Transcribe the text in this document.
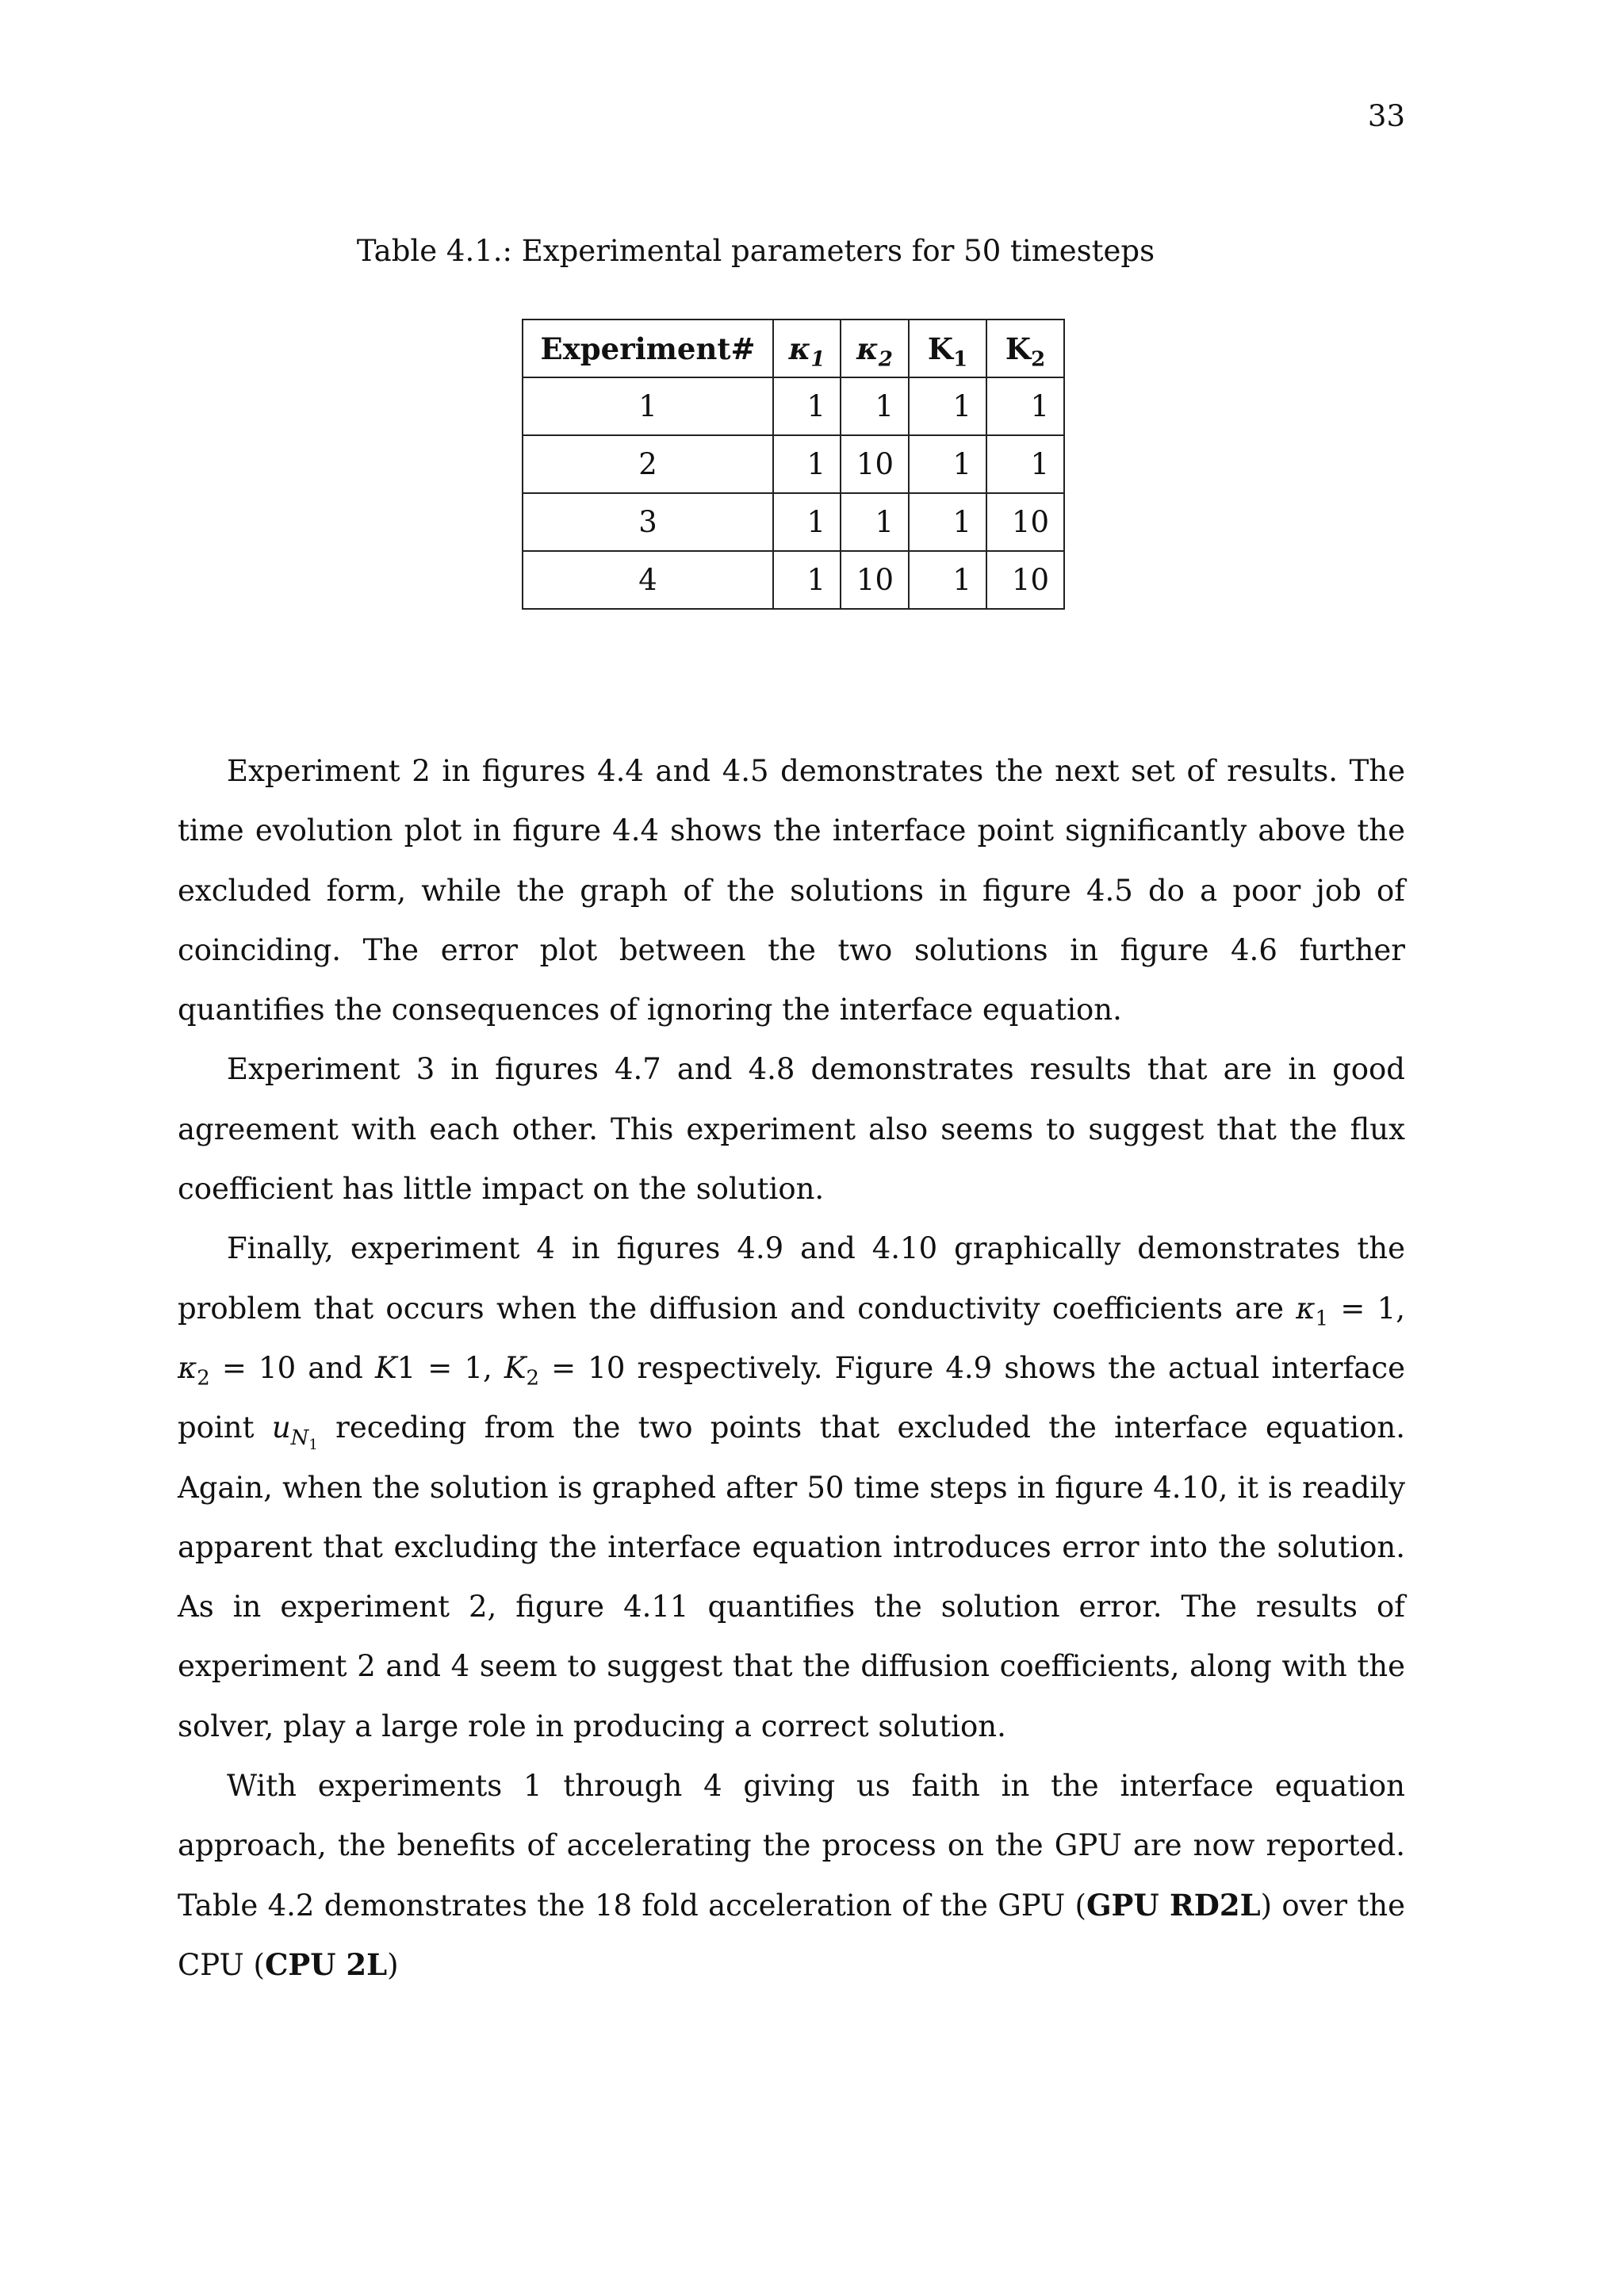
33
Table 4.1.: Experimental parameters for 50 timesteps
Experiment#	$\kappa_1$	$\kappa_2$	$K_1$	$K_2$
1	1	1	1	1
2	1	10	1	1
3	1	1	1	10
4	1	10	1	10

Experiment 2 in figures 4.4 and 4.5 demonstrates the next set of results. The time evolution plot in figure 4.4 shows the interface point significantly above the excluded form, while the graph of the solutions in figure 4.5 do a poor job of coinciding. The error plot between the two solutions in figure 4.6 further quantifies the consequences of ignoring the interface equation.

Experiment 3 in figures 4.7 and 4.8 demonstrates results that are in good agreement with each other. This experiment also seems to suggest that the flux coefficient has little impact on the solution.

Finally, experiment 4 in figures 4.9 and 4.10 graphically demonstrates the problem that occurs when the diffusion and conductivity coefficients are $\kappa_1 = 1$, $\kappa_2 = 10$ and K1 = 1, $K_2 = 10$ respectively. Figure 4.9 shows the actual interface point $u_{N_1}$ receding from the two points that excluded the interface equation. Again, when the solution is graphed after 50 time steps in figure 4.10, it is readily apparent that excluding the interface equation introduces error into the solution. As in experiment 2, figure 4.11 quantifies the solution error. The results of experiment 2 and 4 seem to suggest that the diffusion coefficients, along with the solver, play a large role in producing a correct solution.

With experiments 1 through 4 giving us faith in the interface equation approach, the benefits of accelerating the process on the GPU are now reported. Table 4.2 demonstrates the 18 fold acceleration of the GPU (GPU RD2L) over the CPU (CPU 2L)
